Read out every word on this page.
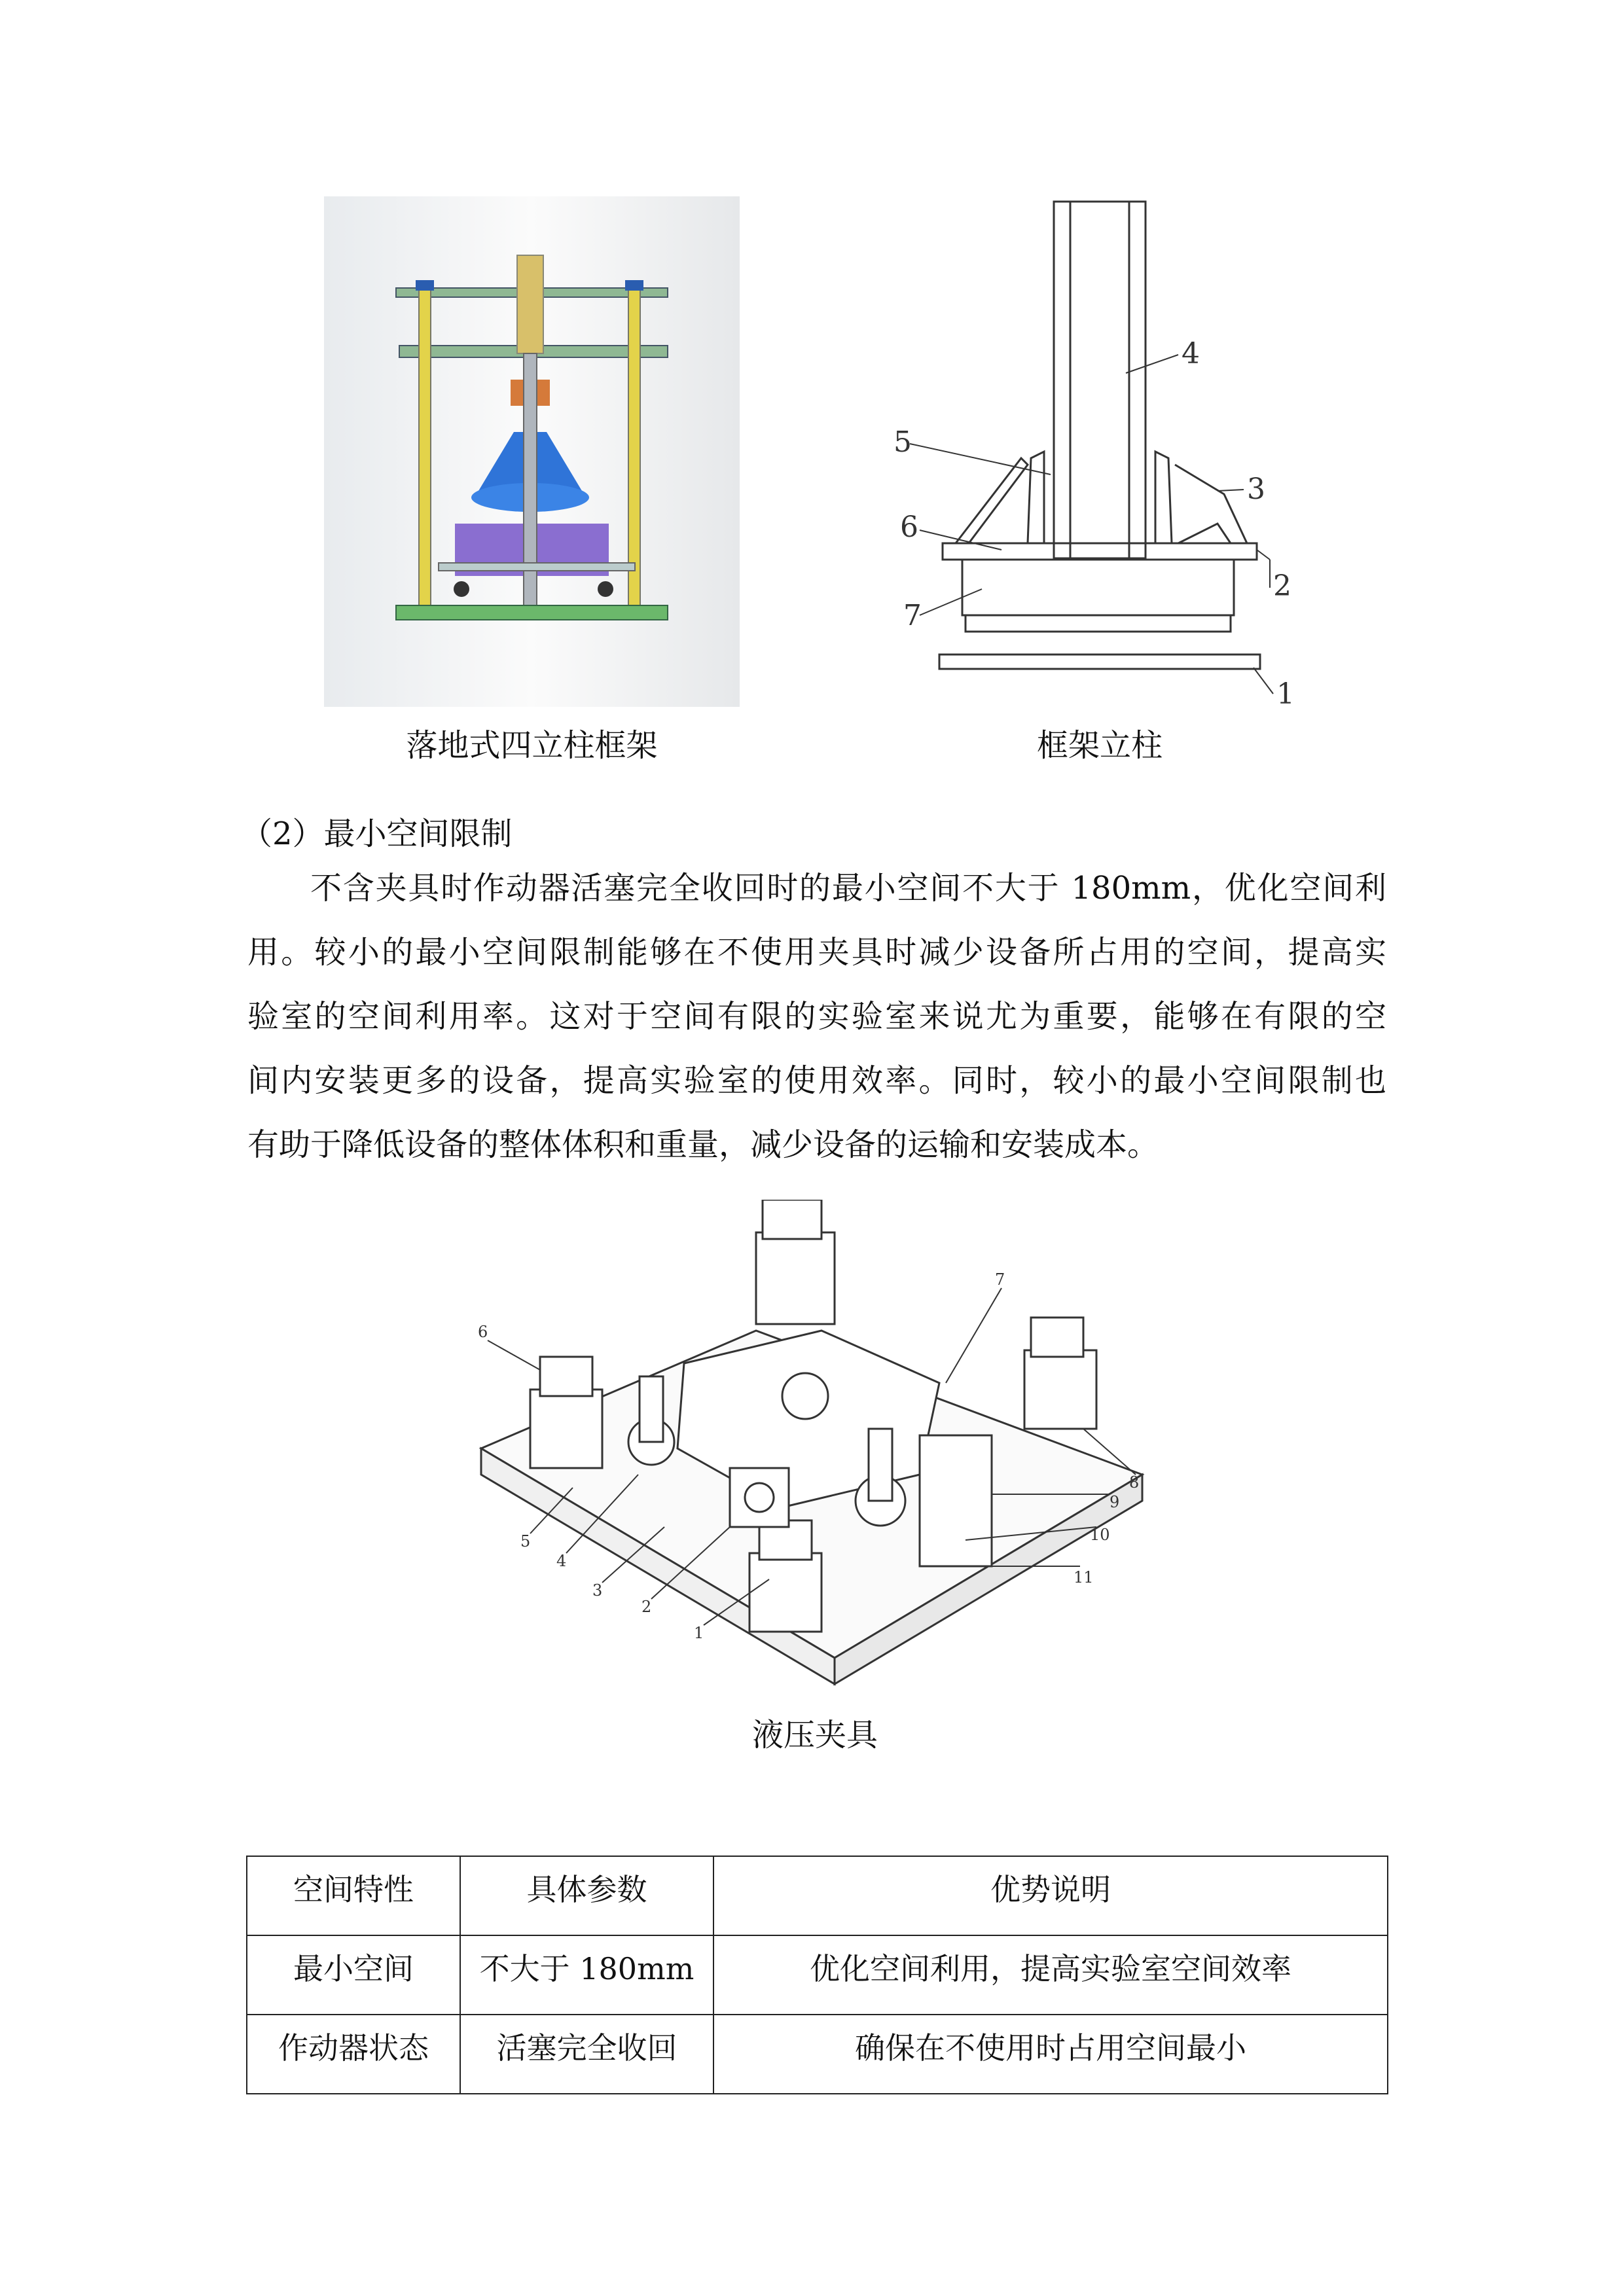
落地式四立柱框架
4
5
3
6
2
7
1
框架立柱
（2）最小空间限制

不含夹具时作动器活塞完全收回时的最小空间不大于 180mm，优化空间利

用。较小的最小空间限制能够在不使用夹具时减少设备所占用的空间，提高实

验室的空间利用率。这对于空间有限的实验室来说尤为重要，能够在有限的空

间内安装更多的设备，提高实验室的使用效率。同时，较小的最小空间限制也

有助于降低设备的整体体积和重量，减少设备的运输和安装成本。

6
5
4
3
2
1
7
8
9
10
11
液压夹具
空间特性	具体参数	优势说明
最小空间	不大于 180mm	优化空间利用，提高实验室空间效率
作动器状态	活塞完全收回	确保在不使用时占用空间最小
